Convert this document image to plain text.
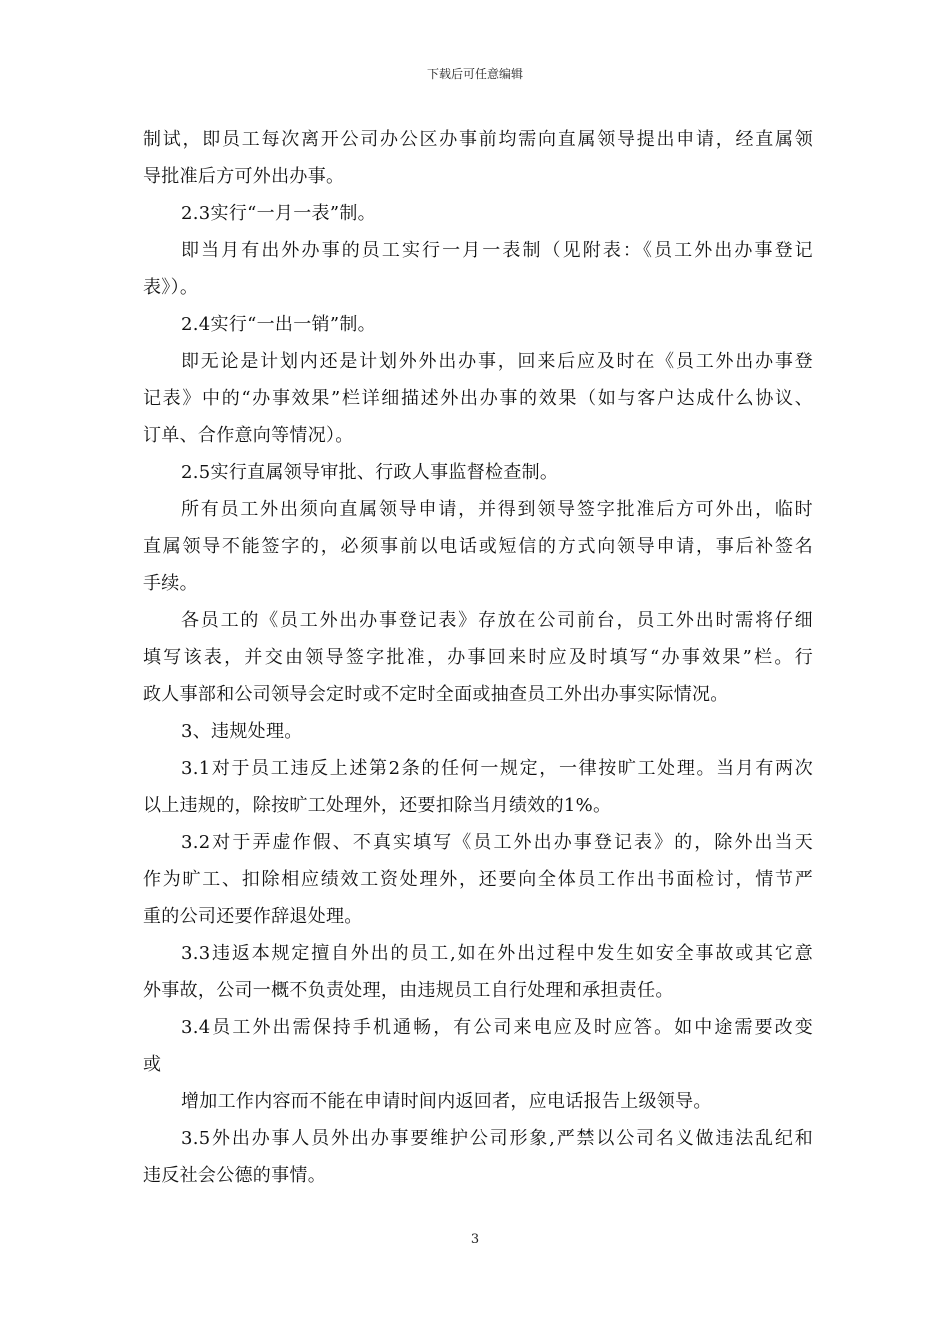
下载后可任意编辑
制试，即员工每次离开公司办公区办事前均需向直属领导提出申请，经直属领
导批准后方可外出办事。
2.3实行“一月一表”制。
即当月有出外办事的员工实行一月一表制（见附表：《员工外出办事登记
表》）。
2.4实行“一出一销”制。
即无论是计划内还是计划外外出办事，回来后应及时在《员工外出办事登
记表》中的“办事效果”栏详细描述外出办事的效果（如与客户达成什么协议、
订单、合作意向等情况）。
2.5实行直属领导审批、行政人事监督检查制。
所有员工外出须向直属领导申请，并得到领导签字批准后方可外出，临时
直属领导不能签字的，必须事前以电话或短信的方式向领导申请，事后补签名
手续。
各员工的《员工外出办事登记表》存放在公司前台，员工外出时需将仔细
填写该表，并交由领导签字批准，办事回来时应及时填写“办事效果”栏。行
政人事部和公司领导会定时或不定时全面或抽查员工外出办事实际情况。
3、违规处理。
3.1对于员工违反上述第2条的任何一规定，一律按旷工处理。当月有两次
以上违规的，除按旷工处理外，还要扣除当月绩效的1%。
3.2对于弄虚作假、不真实填写《员工外出办事登记表》的，除外出当天
作为旷工、扣除相应绩效工资处理外，还要向全体员工作出书面检讨，情节严
重的公司还要作辞退处理。
3.3违返本规定擅自外出的员工,如在外出过程中发生如安全事故或其它意
外事故，公司一概不负责处理，由违规员工自行处理和承担责任。
3.4员工外出需保持手机通畅，有公司来电应及时应答。如中途需要改变
或
增加工作内容而不能在申请时间内返回者，应电话报告上级领导。
3.5外出办事人员外出办事要维护公司形象,严禁以公司名义做违法乱纪和
违反社会公德的事情。
3
